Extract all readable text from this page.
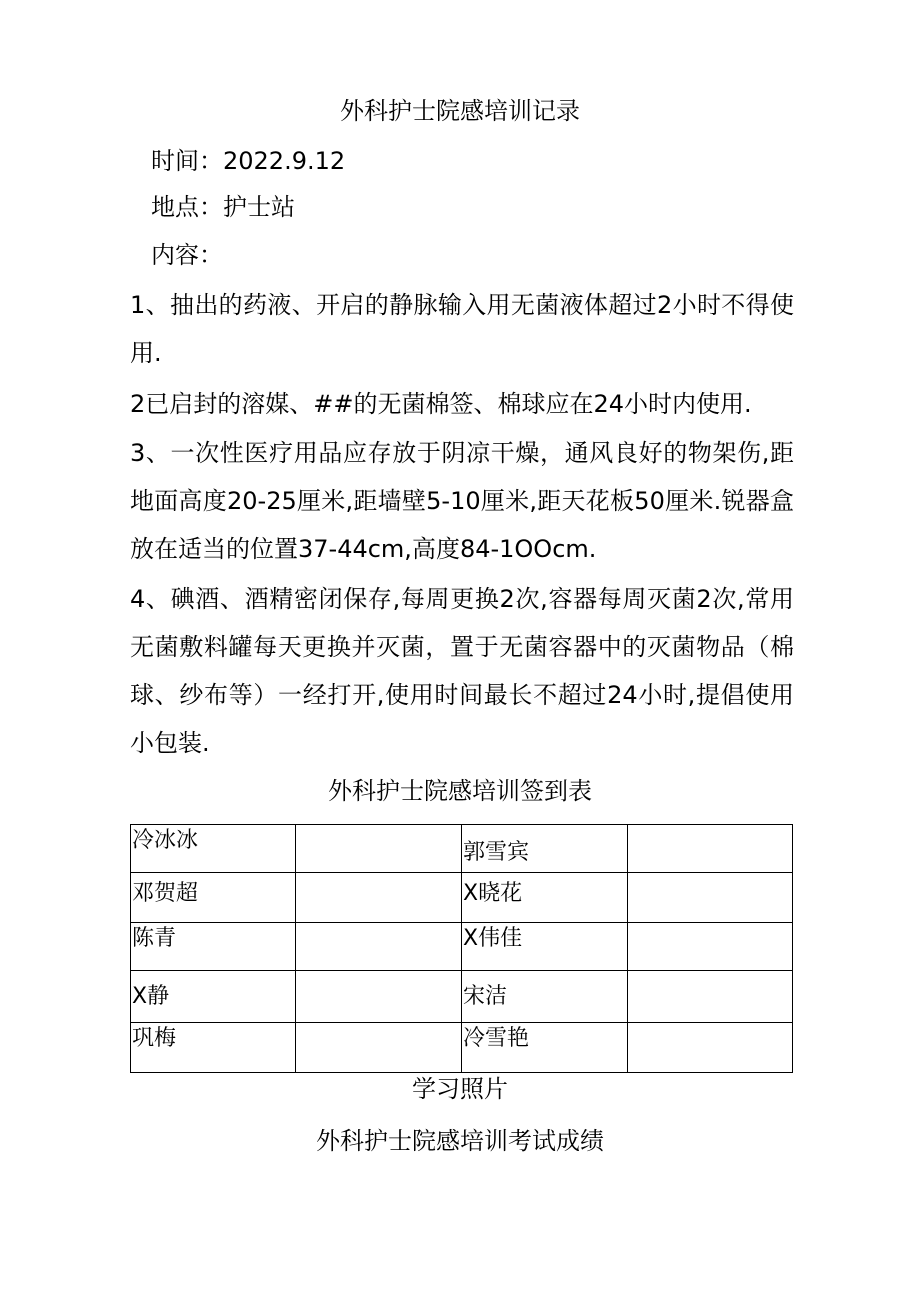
外科护士院感培训记录
时间：2022.9.12
地点：护士站
内容：
1、抽出的药液、开启的静脉输入用无菌液体超过2小时不得使用.
2已启封的溶媒、##的无菌棉签、棉球应在24小时内使用.
3、一次性医疗用品应存放于阴凉干燥，通风良好的物架伤,距地面高度20-25厘米,距墙壁5-10厘米,距天花板50厘米.锐器盒放在适当的位置37-44cm,高度84-1OOcm.
4、碘酒、酒精密闭保存,每周更换2次,容器每周灭菌2次,常用无菌敷料罐每天更换并灭菌，置于无菌容器中的灭菌物品（棉球、纱布等）一经打开,使用时间最长不超过24小时,提倡使用小包装.
外科护士院感培训签到表
冷冰冰		郭雪宾	
邓贺超		X晓花	
陈青		X伟佳	
X静		宋洁	
巩梅		冷雪艳	
学习照片
外科护士院感培训考试成绩
